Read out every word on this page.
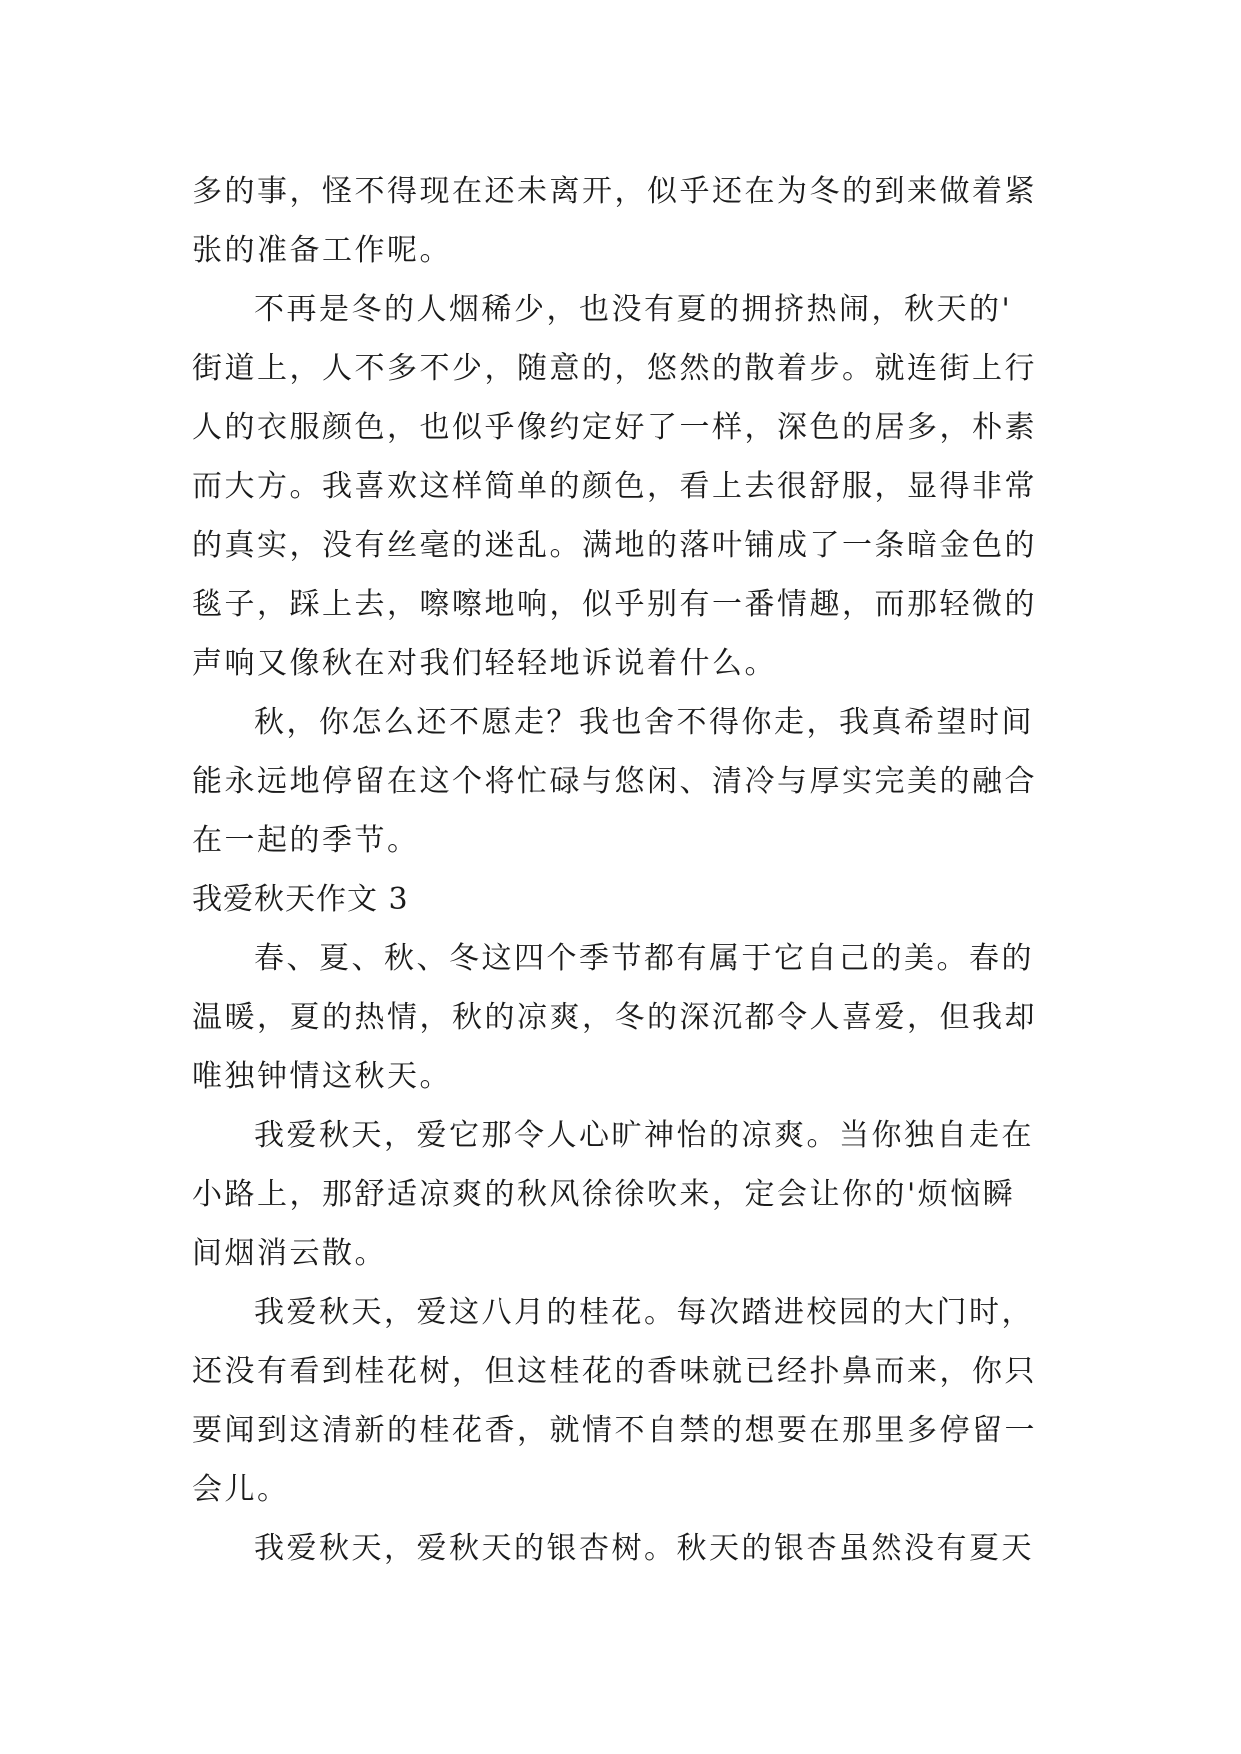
多的事，怪不得现在还未离开，似乎还在为冬的到来做着紧
张的准备工作呢。
不再是冬的人烟稀少，也没有夏的拥挤热闹，秋天的'
街道上，人不多不少，随意的，悠然的散着步。就连街上行
人的衣服颜色，也似乎像约定好了一样，深色的居多，朴素
而大方。我喜欢这样简单的颜色，看上去很舒服，显得非常
的真实，没有丝毫的迷乱。满地的落叶铺成了一条暗金色的
毯子，踩上去，嚓嚓地响，似乎别有一番情趣，而那轻微的
声响又像秋在对我们轻轻地诉说着什么。
秋，你怎么还不愿走？我也舍不得你走，我真希望时间
能永远地停留在这个将忙碌与悠闲、清冷与厚实完美的融合
在一起的季节。
我爱秋天作文 3
春、夏、秋、冬这四个季节都有属于它自己的美。春的
温暖，夏的热情，秋的凉爽，冬的深沉都令人喜爱，但我却
唯独钟情这秋天。
我爱秋天，爱它那令人心旷神怡的凉爽。当你独自走在
小路上，那舒适凉爽的秋风徐徐吹来，定会让你的'烦恼瞬
间烟消云散。
我爱秋天，爱这八月的桂花。每次踏进校园的大门时，
还没有看到桂花树，但这桂花的香味就已经扑鼻而来，你只
要闻到这清新的桂花香，就情不自禁的想要在那里多停留一
会儿。
我爱秋天，爱秋天的银杏树。秋天的银杏虽然没有夏天
